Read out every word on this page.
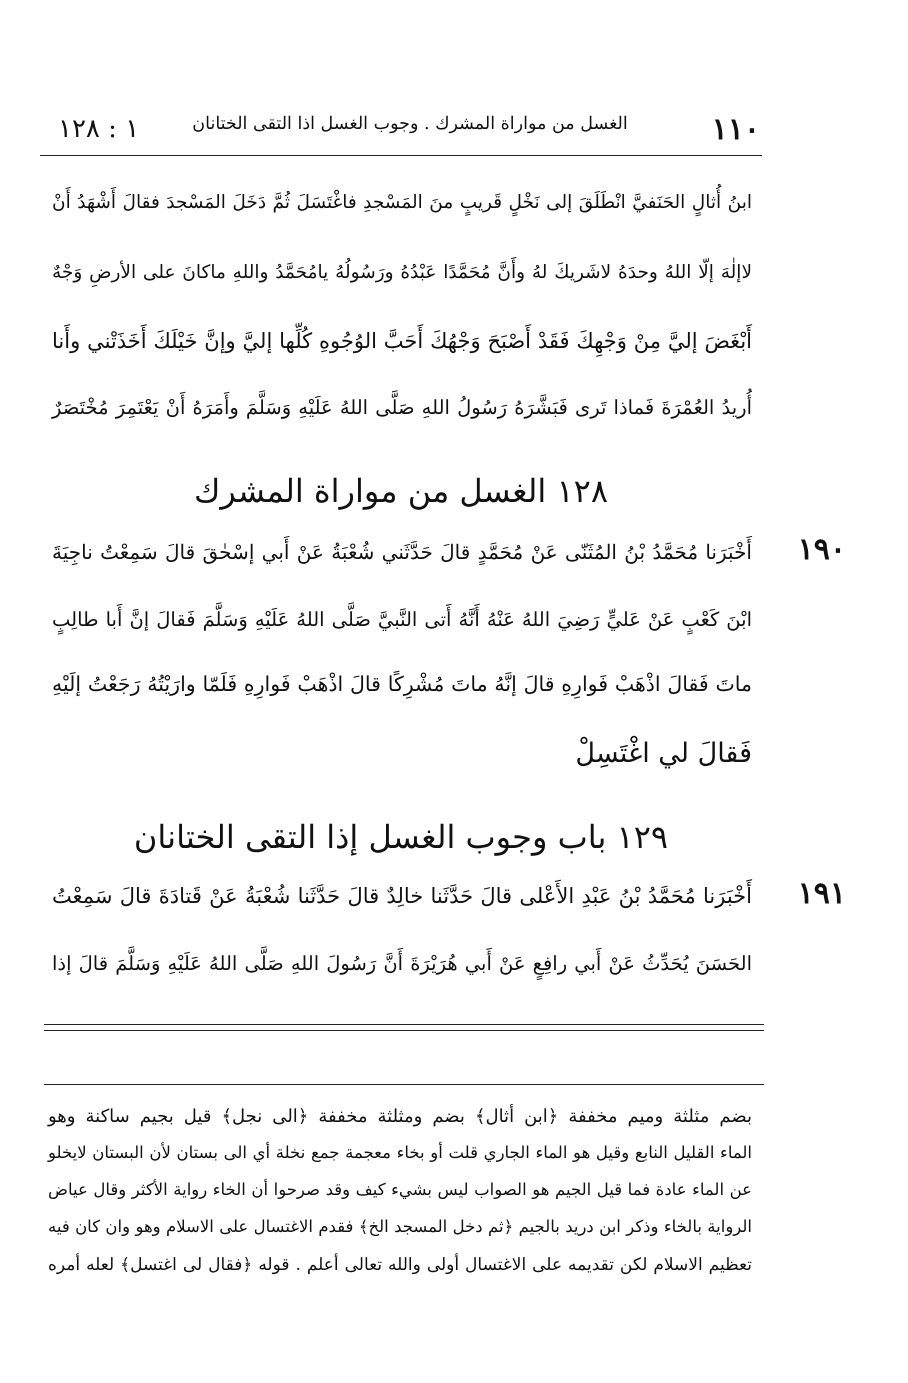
١١٠
الغسل من مواراة المشرك . وجوب الغسل اذا التقى الختانان
١ : ١٢٨
ابنُ أُثالٍ الحَنَفيَّ انْطَلَقَ إلى نَخْلٍ قَريبٍ منَ المَسْجدِ فاغْتَسَلَ ثُمَّ دَخَلَ المَسْجدَ فقالَ أَشْهَدُ أَنْ
لاإلٰهَ إلّا اللهُ وحدَهُ لاشَريكَ لهُ وأَنَّ مُحَمَّدًا عَبْدُهُ ورَسُولُهُ يامُحَمَّدُ واللهِ ماكانَ على الأرضِ وَجْهٌ
أَبْغَضَ إليَّ مِنْ وَجْهِكَ فَقَدْ أَصْبَحَ وَجْهُكَ أَحَبَّ الوُجُوهِ كُلِّها إليَّ وإنَّ خَيْلَكَ أَخَذَتْني وأَنا
أُريدُ العُمْرَةَ فَماذا تَرى فَبَشَّرَهُ رَسُولُ اللهِ صَلَّى اللهُ عَلَيْهِ وَسَلَّمَ وأَمَرَهُ أَنْ يَعْتَمِرَ مُخْتَصَرٌ
١٢٨ الغسل من مواراة المشرك
١٩٠
أَخْبَرَنا مُحَمَّدُ بْنُ المُثَنّى عَنْ مُحَمَّدٍ قالَ حَدَّثَني شُعْبَةُ عَنْ أَبي إسْحٰقَ قالَ سَمِعْتُ ناجِيَةَ
ابْنَ كَعْبٍ عَنْ عَليٍّ رَضِيَ اللهُ عَنْهُ أَنَّهُ أَتى النَّبيَّ صَلَّى اللهُ عَلَيْهِ وَسَلَّمَ فَقالَ إنَّ أَبا طالِبٍ
ماتَ فَقالَ اذْهَبْ فَوارِهِ قالَ إنَّهُ ماتَ مُشْرِكًا قالَ اذْهَبْ فَوارِهِ فَلَمّا وارَيْتُهُ رَجَعْتُ إلَيْهِ
فَقالَ لي اغْتَسِلْ
١٢٩ باب وجوب الغسل إذا التقى الختانان
١٩١
أَخْبَرَنا مُحَمَّدُ بْنُ عَبْدِ الأَعْلى قالَ حَدَّثَنا خالِدٌ قالَ حَدَّثَنا شُعْبَةُ عَنْ قَتادَةَ قالَ سَمِعْتُ
الحَسَنَ يُحَدِّثُ عَنْ أَبي رافِعٍ عَنْ أَبي هُرَيْرَةَ أَنَّ رَسُولَ اللهِ صَلَّى اللهُ عَلَيْهِ وَسَلَّمَ قالَ إذا
بضم مثلثة وميم مخففة ﴿ابن أثال﴾ بضم ومثلثة مخففة ﴿الى نجل﴾ قيل بجيم ساكنة وهو
الماء القليل النابع وقيل هو الماء الجاري قلت أو بخاء معجمة جمع نخلة أي الى بستان لأن البستان لايخلو
عن الماء عادة فما قيل الجيم هو الصواب ليس بشيء كيف وقد صرحوا أن الخاء رواية الأكثر وقال عياض
الرواية بالخاء وذكر ابن دريد بالجيم ﴿ثم دخل المسجد الخ﴾ فقدم الاغتسال على الاسلام وهو وان كان فيه
تعظيم الاسلام لكن تقديمه على الاغتسال أولى والله تعالى أعلم . قوله ﴿فقال لى اغتسل﴾ لعله أمره
